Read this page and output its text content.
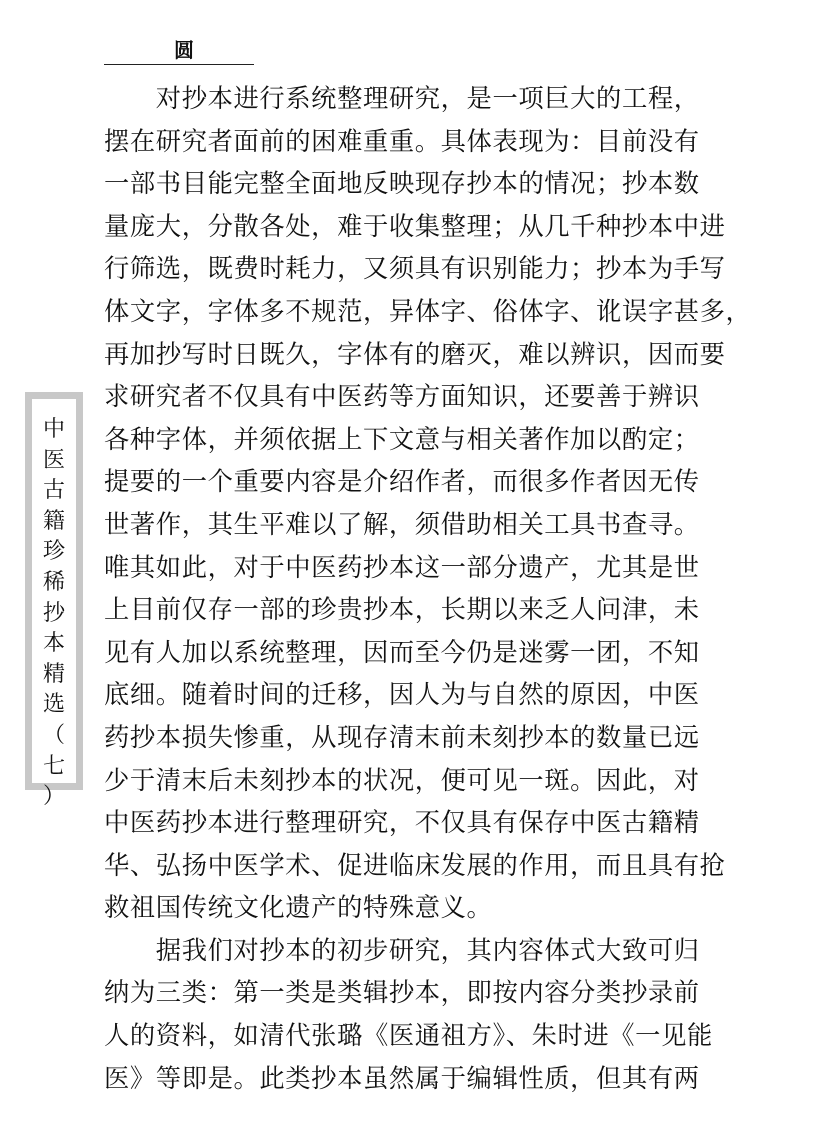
圆
中
医
古
籍
珍
稀
抄
本
精
选
（
七
）
　　对抄本进行系统整理研究，是一项巨大的工程，
摆在研究者面前的困难重重。具体表现为：目前没有
一部书目能完整全面地反映现存抄本的情况；抄本数
量庞大，分散各处，难于收集整理；从几千种抄本中进
行筛选，既费时耗力，又须具有识别能力；抄本为手写
体文字，字体多不规范，异体字、俗体字、讹误字甚多，
再加抄写时日既久，字体有的磨灭，难以辨识，因而要
求研究者不仅具有中医药等方面知识，还要善于辨识
各种字体，并须依据上下文意与相关著作加以酌定；
提要的一个重要内容是介绍作者，而很多作者因无传
世著作，其生平难以了解，须借助相关工具书查寻。
唯其如此，对于中医药抄本这一部分遗产，尤其是世
上目前仅存一部的珍贵抄本，长期以来乏人问津，未
见有人加以系统整理，因而至今仍是迷雾一团，不知
底细。随着时间的迁移，因人为与自然的原因，中医
药抄本损失惨重，从现存清末前未刻抄本的数量已远
少于清末后未刻抄本的状况，便可见一斑。因此，对
中医药抄本进行整理研究，不仅具有保存中医古籍精
华、弘扬中医学术、促进临床发展的作用，而且具有抢
救祖国传统文化遗产的特殊意义。
　　据我们对抄本的初步研究，其内容体式大致可归
纳为三类：第一类是类辑抄本，即按内容分类抄录前
人的资料，如清代张璐《医通祖方》、朱时进《一见能
医》等即是。此类抄本虽然属于编辑性质，但其有两
